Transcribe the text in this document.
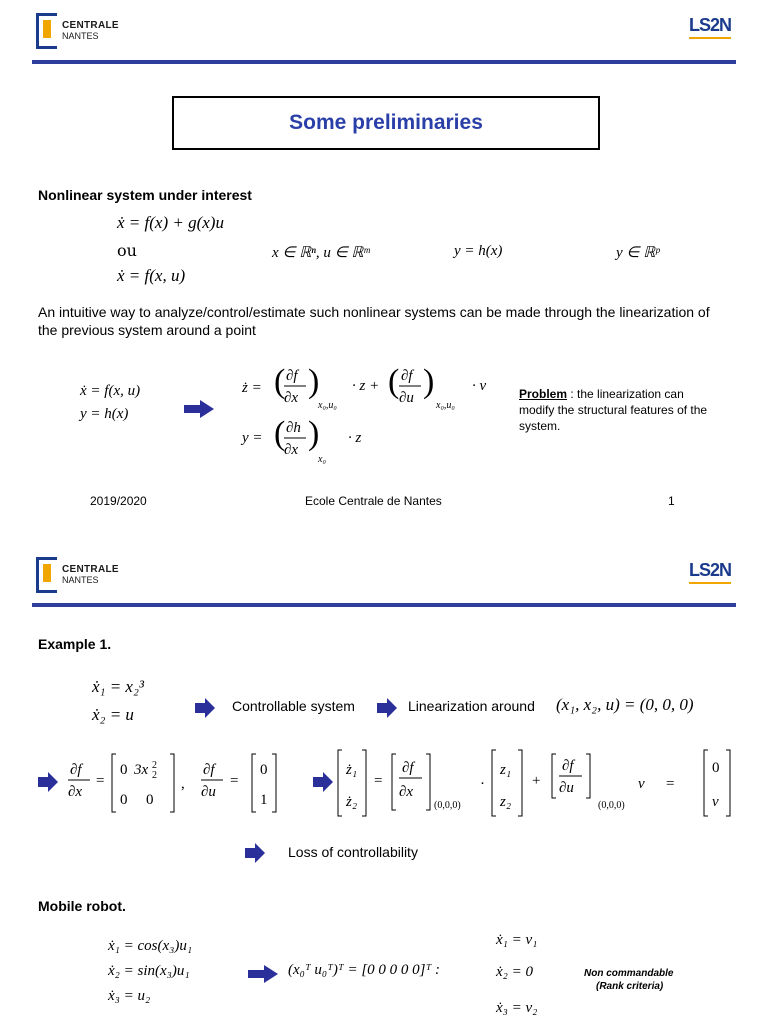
CENTRALE
NANTES
LS2N
Some preliminaries
Nonlinear system under interest
ẋ = f(x) + g(x)u
ou
ẋ = f(x, u)
x ∈ ℝⁿ, u ∈ ℝᵐ	y = h(x)	y ∈ ℝᵖ
An intuitive way to analyze/control/estimate such nonlinear systems can be made through the linearization of the previous system around a point
ẋ = f(x, u)
y = h(x)
ż = ( ∂f
∂x )
x₀,u₀
· z + ( ∂f
∂u )
x₀,u₀
· v
y = ( ∂h
∂x )
x₀
· z
Problem : the linearization can modify the structural features of the system.
2019/2020	Ecole Centrale de Nantes	1
CENTRALE
NANTES	LS2N
Example 1.
ẋ₁ = x₂³
ẋ₂ = u	Controllable system	Linearization around (x₁, x₂, u) = (0, 0, 0)
∂f
∂x
=
0 3x 2
2
0 0
,
∂f
∂u
=
0
1
ż₁
ż₂
=
∂f
∂x
(0,0,0)
·
z₁
z₂
+
∂f
∂u
(0,0,0)
v =
0
v
Loss of controllability
Mobile robot.
ẋ₁ = cos(x₃)u₁
ẋ₂ = sin(x₃)u₁
ẋ₃ = u₂
(x₀ᵀ u₀ᵀ)ᵀ = [0 0 0 0 0]ᵀ :
ẋ₁ = v₁
ẋ₂ = 0
ẋ₃ = v₂
Non commandable
(Rank criteria)
